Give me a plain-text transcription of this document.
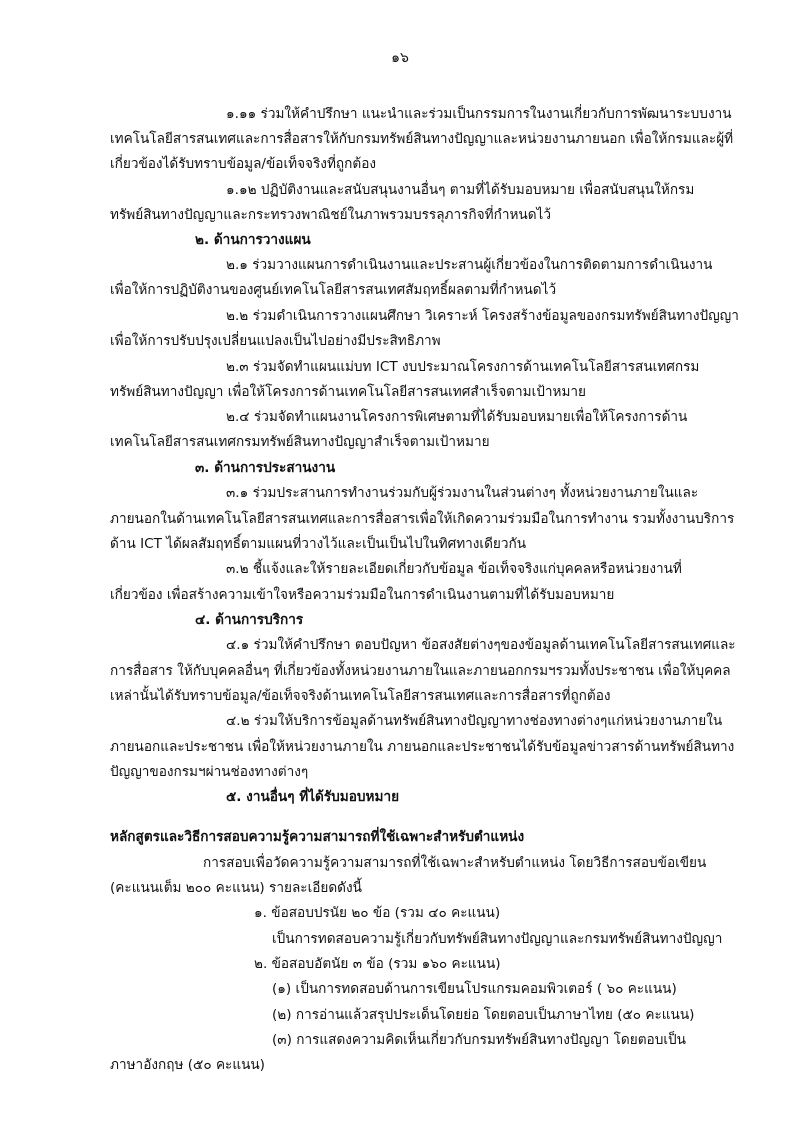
๑๖
๑.๑๑ ร่วมให้คำปรึกษา แนะนำและร่วมเป็นกรรมการในงานเกี่ยวกับการพัฒนาระบบงาน
เทคโนโลยีสารสนเทศและการสื่อสารให้กับกรมทรัพย์สินทางปัญญาและหน่วยงานภายนอก เพื่อให้กรมและผู้ที่
เกี่ยวข้องได้รับทราบข้อมูล/ข้อเท็จจริงที่ถูกต้อง
๑.๑๒ ปฏิบัติงานและสนับสนุนงานอื่นๆ ตามที่ได้รับมอบหมาย เพื่อสนับสนุนให้กรม
ทรัพย์สินทางปัญญาและกระทรวงพาณิชย์ในภาพรวมบรรลุภารกิจที่กำหนดไว้
๒. ด้านการวางแผน
๒.๑ ร่วมวางแผนการดำเนินงานและประสานผู้เกี่ยวข้องในการติดตามการดำเนินงาน
เพื่อให้การปฏิบัติงานของศูนย์เทคโนโลยีสารสนเทศสัมฤทธิ์ผลตามที่กำหนดไว้
๒.๒ ร่วมดำเนินการวางแผนศึกษา วิเคราะห์ โครงสร้างข้อมูลของกรมทรัพย์สินทางปัญญา
เพื่อให้การปรับปรุงเปลี่ยนแปลงเป็นไปอย่างมีประสิทธิภาพ
๒.๓ ร่วมจัดทำแผนแม่บท ICT งบประมาณโครงการด้านเทคโนโลยีสารสนเทศกรม
ทรัพย์สินทางปัญญา เพื่อให้โครงการด้านเทคโนโลยีสารสนเทศสำเร็จตามเป้าหมาย
๒.๔ ร่วมจัดทำแผนงานโครงการพิเศษตามที่ได้รับมอบหมายเพื่อให้โครงการด้าน
เทคโนโลยีสารสนเทศกรมทรัพย์สินทางปัญญาสำเร็จตามเป้าหมาย
๓. ด้านการประสานงาน
๓.๑ ร่วมประสานการทำงานร่วมกับผู้ร่วมงานในส่วนต่างๆ ทั้งหน่วยงานภายในและ
ภายนอกในด้านเทคโนโลยีสารสนเทศและการสื่อสารเพื่อให้เกิดความร่วมมือในการทำงาน รวมทั้งงานบริการ
ด้าน ICT ได้ผลสัมฤทธิ์ตามแผนที่วางไว้และเป็นเป็นไปในทิศทางเดียวกัน
๓.๒ ชี้แจ้งและให้รายละเอียดเกี่ยวกับข้อมูล ข้อเท็จจริงแก่บุคคลหรือหน่วยงานที่
เกี่ยวข้อง เพื่อสร้างความเข้าใจหรือความร่วมมือในการดำเนินงานตามที่ได้รับมอบหมาย
๔. ด้านการบริการ
๔.๑ ร่วมให้คำปรึกษา ตอบปัญหา ข้อสงสัยต่างๆของข้อมูลด้านเทคโนโลยีสารสนเทศและ
การสื่อสาร ให้กับบุคคลอื่นๆ ที่เกี่ยวข้องทั้งหน่วยงานภายในและภายนอกกรมฯรวมทั้งประชาชน เพื่อให้บุคคล
เหล่านั้นได้รับทราบข้อมูล/ข้อเท็จจริงด้านเทคโนโลยีสารสนเทศและการสื่อสารที่ถูกต้อง
๔.๒ ร่วมให้บริการข้อมูลด้านทรัพย์สินทางปัญญาทางช่องทางต่างๆแก่หน่วยงานภายใน
ภายนอกและประชาชน เพื่อให้หน่วยงานภายใน ภายนอกและประชาชนได้รับข้อมูลข่าวสารด้านทรัพย์สินทาง
ปัญญาของกรมฯผ่านช่องทางต่างๆ
๕. งานอื่นๆ ที่ได้รับมอบหมาย
หลักสูตรและวิธีการสอบความรู้ความสามารถที่ใช้เฉพาะสำหรับตำแหน่ง
การสอบเพื่อวัดความรู้ความสามารถที่ใช้เฉพาะสำหรับตำแหน่ง โดยวิธีการสอบข้อเขียน
(คะแนนเต็ม ๒๐๐ คะแนน) รายละเอียดดังนี้
๑. ข้อสอบปรนัย ๒๐ ข้อ (รวม ๔๐ คะแนน)
เป็นการทดสอบความรู้เกี่ยวกับทรัพย์สินทางปัญญาและกรมทรัพย์สินทางปัญญา
๒. ข้อสอบอัตนัย ๓ ข้อ (รวม ๑๖๐ คะแนน)
(๑) เป็นการทดสอบด้านการเขียนโปรแกรมคอมพิวเตอร์ ( ๖๐ คะแนน)
(๒) การอ่านแล้วสรุปประเด็นโดยย่อ โดยตอบเป็นภาษาไทย (๕๐ คะแนน)
(๓) การแสดงความคิดเห็นเกี่ยวกับกรมทรัพย์สินทางปัญญา โดยตอบเป็น
ภาษาอังกฤษ (๕๐ คะแนน)
